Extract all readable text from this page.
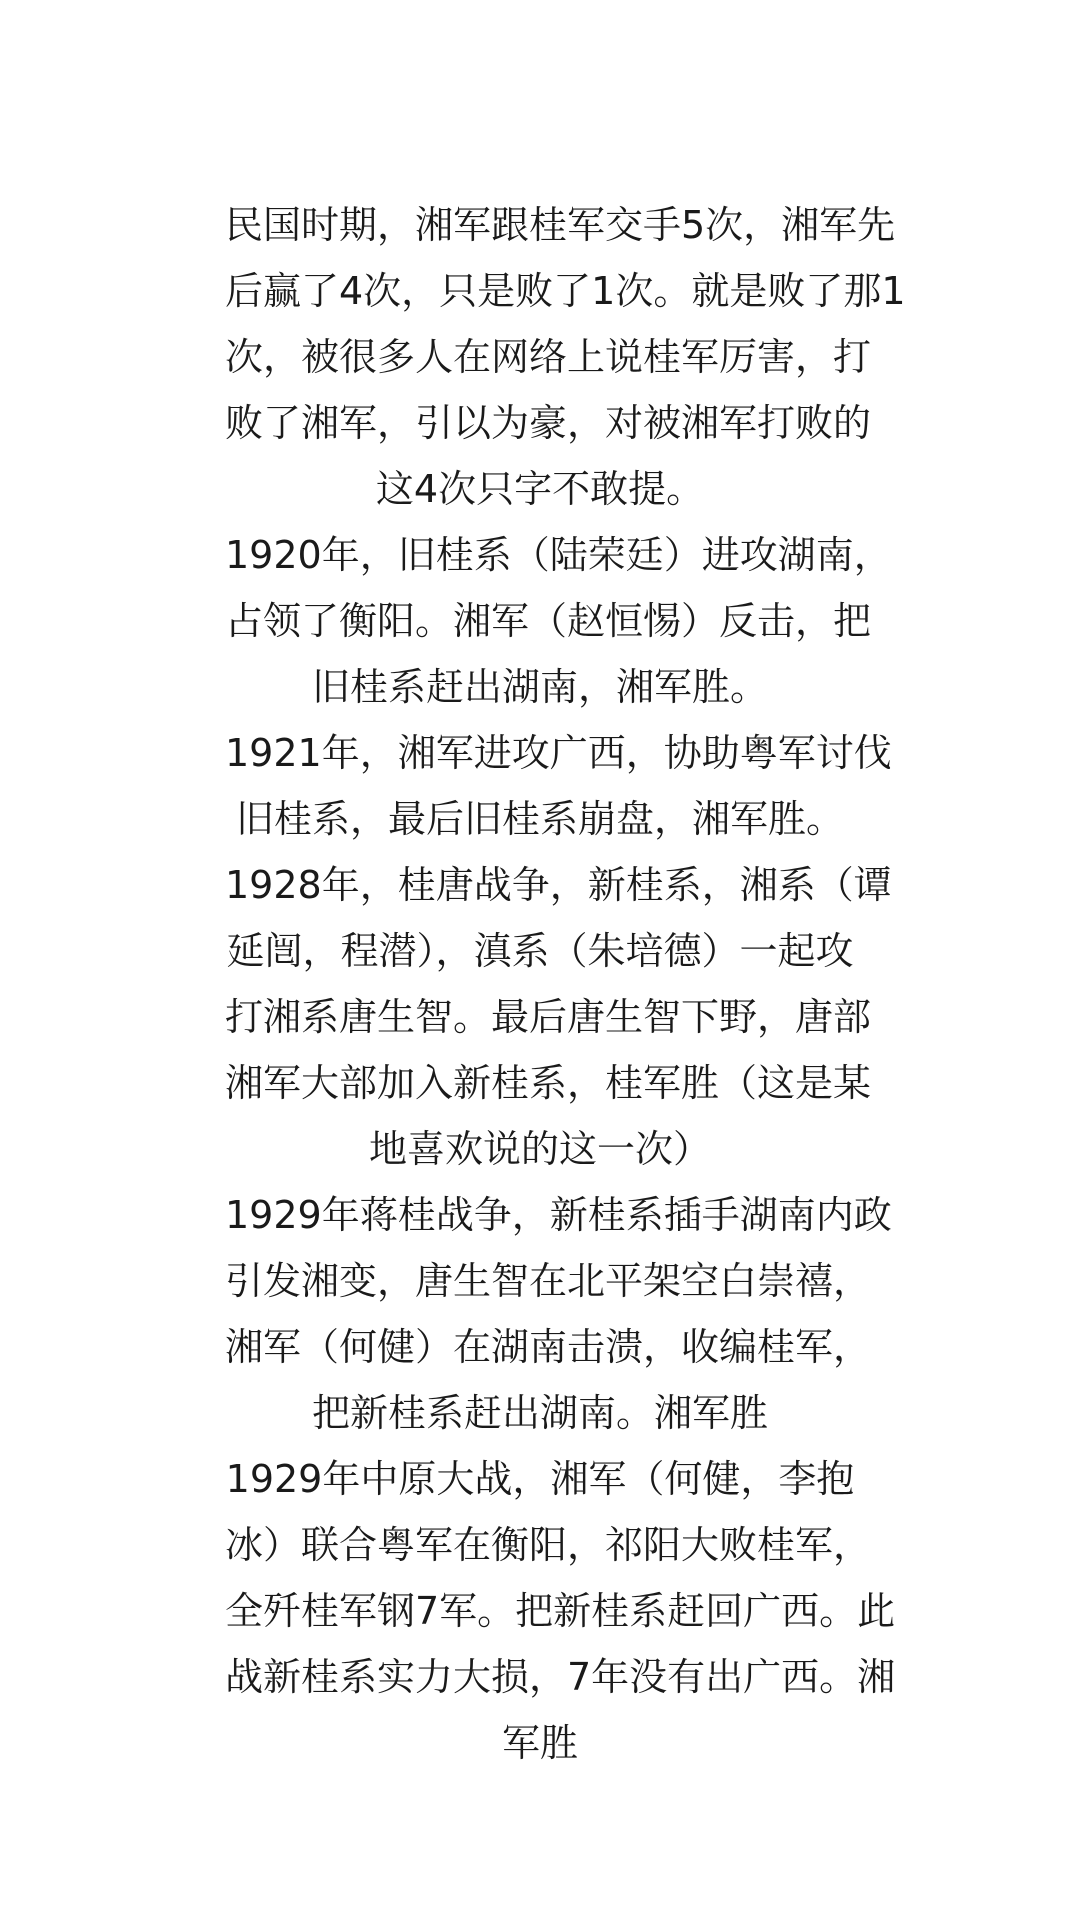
民国时期，湘军跟桂军交手5次，湘军先
后赢了4次，只是败了1次。就是败了那1
次，被很多人在网络上说桂军厉害，打
败了湘军，引以为豪，对被湘军打败的
这4次只字不敢提。
1920年，旧桂系（陆荣廷）进攻湖南，
占领了衡阳。湘军（赵恒惕）反击，把
旧桂系赶出湖南，湘军胜。
1921年，湘军进攻广西，协助粤军讨伐
旧桂系，最后旧桂系崩盘，湘军胜。
1928年，桂唐战争，新桂系，湘系（谭
延闿，程潜），滇系（朱培德）一起攻
打湘系唐生智。最后唐生智下野，唐部
湘军大部加入新桂系，桂军胜（这是某
地喜欢说的这一次）
1929年蒋桂战争，新桂系插手湖南内政
引发湘变，唐生智在北平架空白崇禧，
湘军（何健）在湖南击溃，收编桂军，
把新桂系赶出湖南。湘军胜
1929年中原大战，湘军（何健，李抱
冰）联合粤军在衡阳，祁阳大败桂军，
全歼桂军钢7军。把新桂系赶回广西。此
战新桂系实力大损，7年没有出广西。湘
军胜
